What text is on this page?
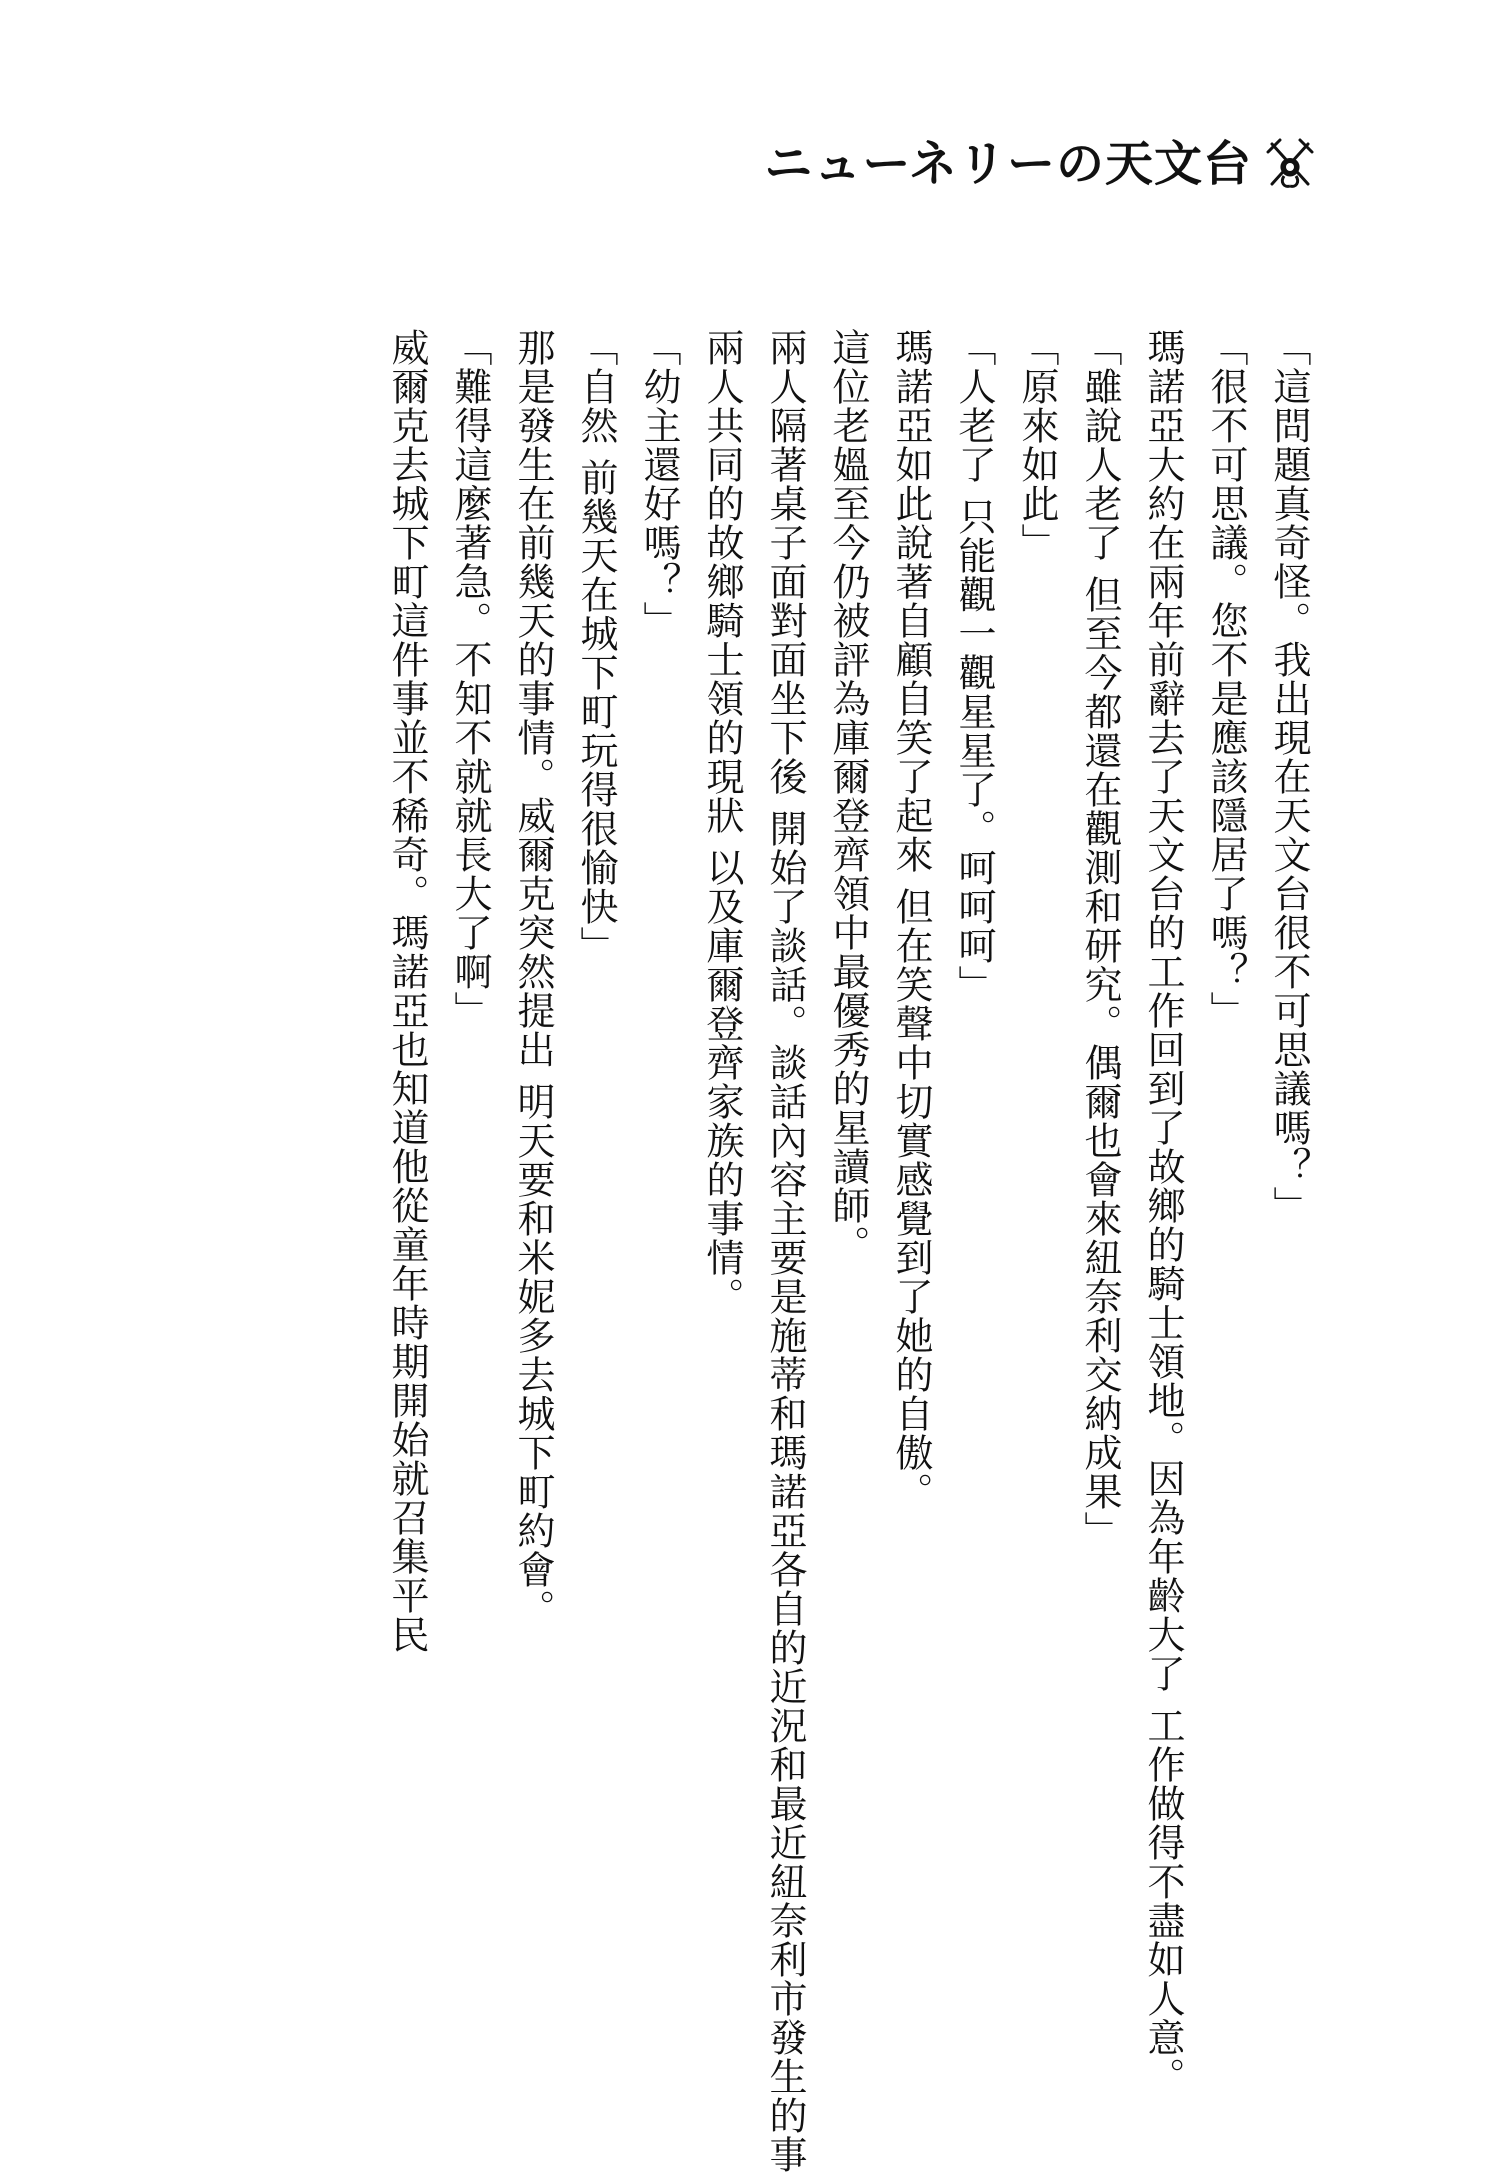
ニューネリーの天文台
「這問題真奇怪。我出現在天文台很不可思議嗎？」
「很不可思議。您不是應該隱居了嗎？」
瑪諾亞大約在兩年前辭去了天文台的工作回到了故鄉的騎士領地。因為年齡大了 工作做得不盡如人意。
「雖說人老了 但至今都還在觀測和研究。偶爾也會來紐奈利交納成果」
「原來如此」
「人老了 只能觀一觀星星了。呵呵呵」
瑪諾亞如此說著自顧自笑了起來 但在笑聲中切實感覺到了她的自傲。
這位老媼至今仍被評為庫爾登齊領中最優秀的星讀師。
兩人隔著桌子面對面坐下後 開始了談話。談話內容主要是施蒂和瑪諾亞各自的近況和最近紐奈利市發生的事
兩人共同的故鄉騎士領的現狀 以及庫爾登齊家族的事情。
「幼主還好嗎？」
「自然 前幾天在城下町玩得很愉快」
那是發生在前幾天的事情。威爾克突然提出 明天要和米妮多去城下町約會。
「難得這麼著急。不知不就就長大了啊」
威爾克去城下町這件事並不稀奇。瑪諾亞也知道他從童年時期開始就召集平民
